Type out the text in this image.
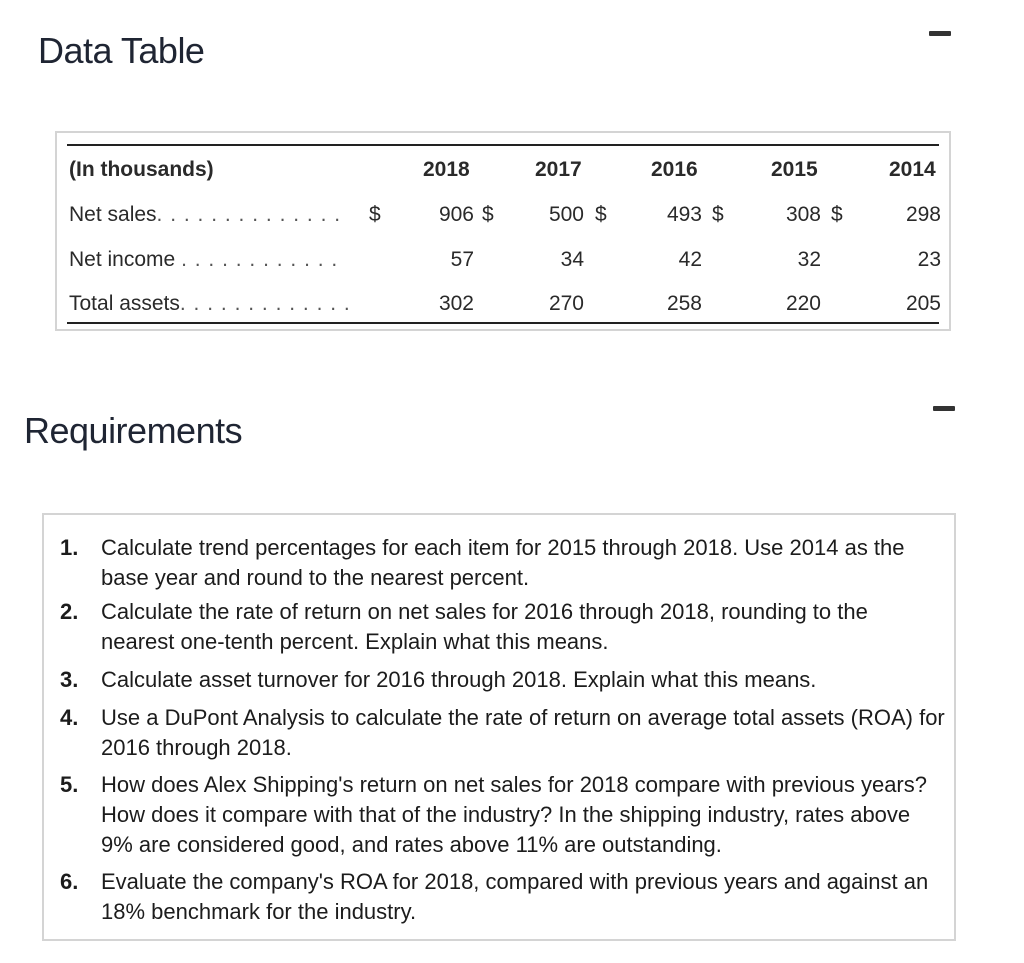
Data Table
(In thousands)	2018	2017	2016	2015	2014
Net sales. . . . . . . . . . . . . . $	906 $	500 $	493 $	308 $	298
Net income . . . . . . . . . . . .	57	34	42	32	23
Total assets. . . . . . . . . . . . .	302	270	258	220	205
Requirements
1.	Calculate trend percentages for each item for 2015 through 2018. Use 2014 as the base year and round to the nearest percent.
2.	Calculate the rate of return on net sales for 2016 through 2018, rounding to the nearest one-tenth percent. Explain what this means.
3.	Calculate asset turnover for 2016 through 2018. Explain what this means.
4.	Use a DuPont Analysis to calculate the rate of return on average total assets (ROA) for 2016 through 2018.
5.	How does Alex Shipping's return on net sales for 2018 compare with previous years? How does it compare with that of the industry? In the shipping industry, rates above 9% are considered good, and rates above 11% are outstanding.
6.	Evaluate the company's ROA for 2018, compared with previous years and against an 18% benchmark for the industry.
